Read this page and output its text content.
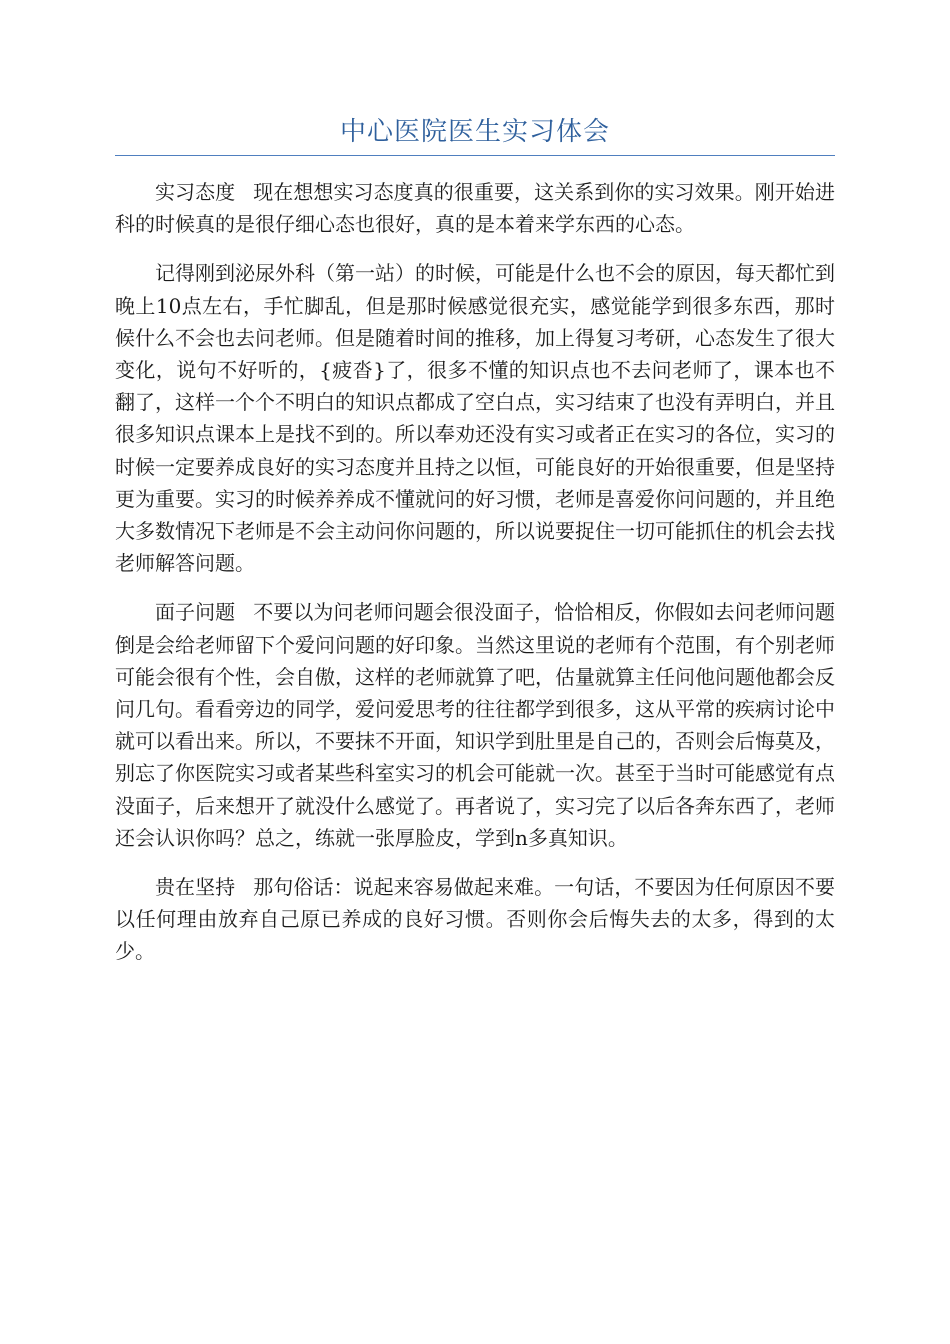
中心医院医生实习体会

实习态度 现在想想实习态度真的很重要，这关系到你的实习效果。刚开始进科的时候真的是很仔细心态也很好，真的是本着来学东西的心态。

记得刚到泌尿外科（第一站）的时候，可能是什么也不会的原因，每天都忙到晚上10点左右，手忙脚乱，但是那时候感觉很充实，感觉能学到很多东西，那时候什么不会也去问老师。但是随着时间的推移，加上得复习考研，心态发生了很大变化，说句不好听的，{疲沓}了，很多不懂的知识点也不去问老师了，课本也不翻了，这样一个个不明白的知识点都成了空白点，实习结束了也没有弄明白，并且很多知识点课本上是找不到的。所以奉劝还没有实习或者正在实习的各位，实习的时候一定要养成良好的实习态度并且持之以恒，可能良好的开始很重要，但是坚持更为重要。实习的时候养养成不懂就问的好习惯，老师是喜爱你问问题的，并且绝大多数情况下老师是不会主动问你问题的，所以说要捉住一切可能抓住的机会去找老师解答问题。

面子问题 不要以为问老师问题会很没面子，恰恰相反，你假如去问老师问题倒是会给老师留下个爱问问题的好印象。当然这里说的老师有个范围，有个别老师可能会很有个性，会自傲，这样的老师就算了吧，估量就算主任问他问题他都会反问几句。看看旁边的同学，爱问爱思考的往往都学到很多，这从平常的疾病讨论中就可以看出来。所以，不要抹不开面，知识学到肚里是自己的，否则会后悔莫及，别忘了你医院实习或者某些科室实习的机会可能就一次。甚至于当时可能感觉有点没面子，后来想开了就没什么感觉了。再者说了，实习完了以后各奔东西了，老师还会认识你吗？总之，练就一张厚脸皮，学到n多真知识。

贵在坚持 那句俗话：说起来容易做起来难。一句话，不要因为任何原因不要以任何理由放弃自己原已养成的良好习惯。否则你会后悔失去的太多，得到的太少。
